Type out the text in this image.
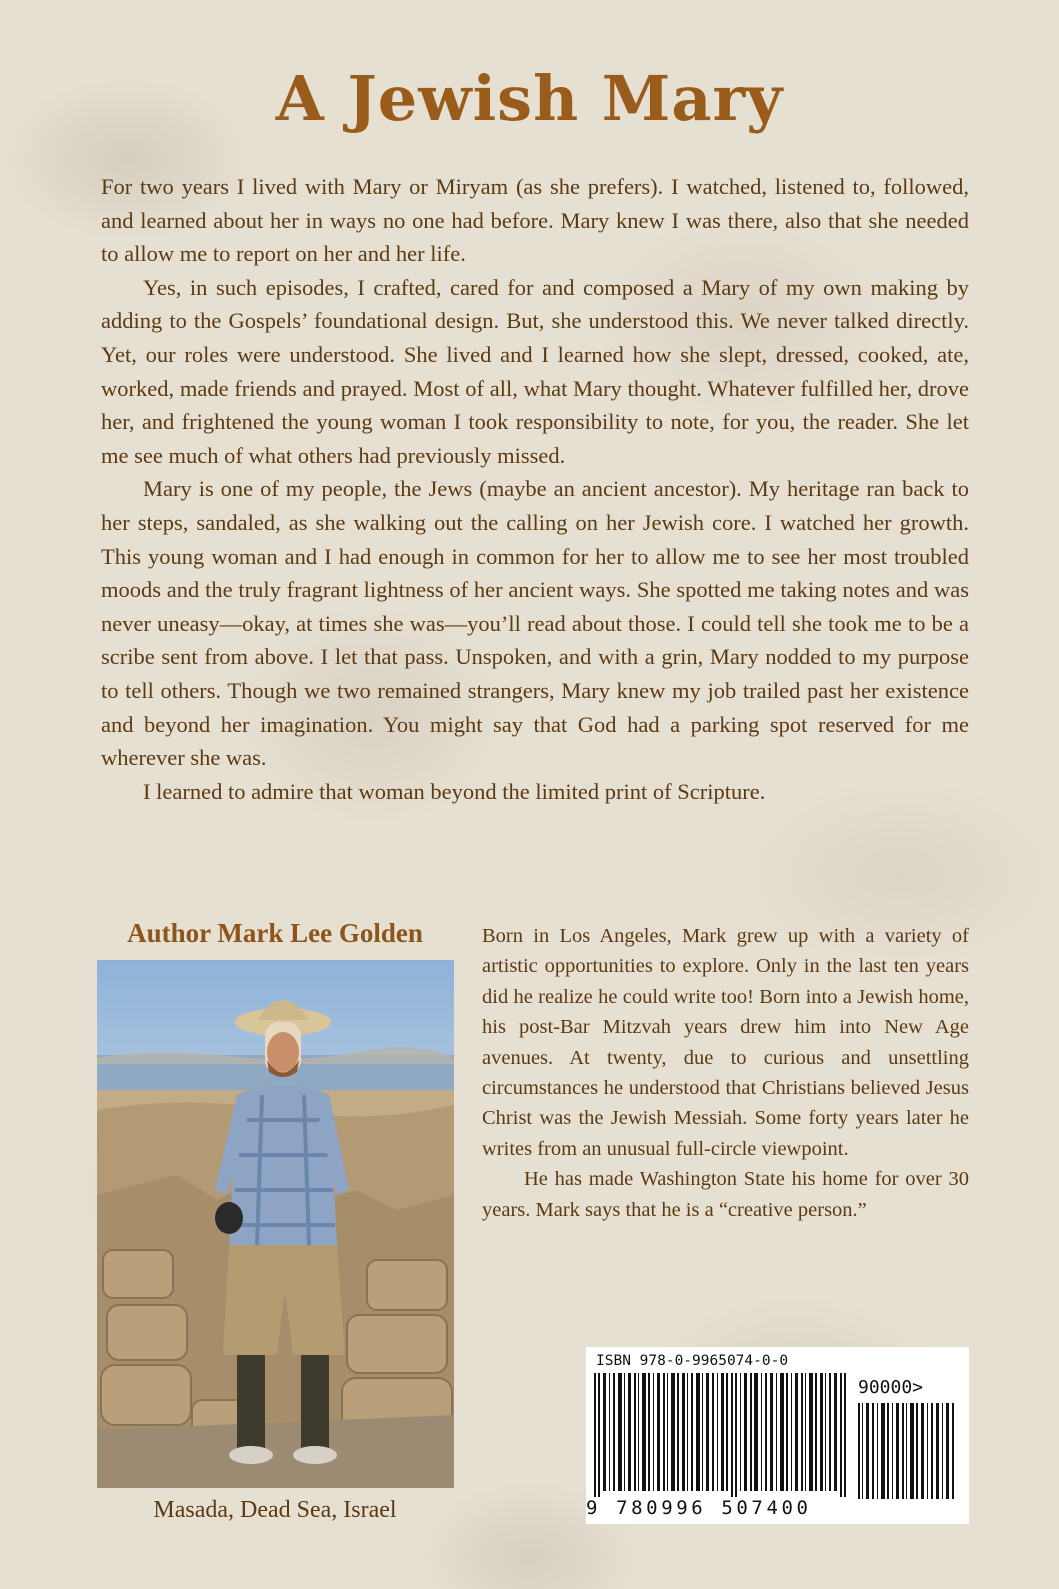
A Jewish Mary

For two years I lived with Mary or Miryam (as she prefers). I watched, listened to, followed, and learned about her in ways no one had before. Mary knew I was there, also that she needed to allow me to report on her and her life.

Yes, in such episodes, I crafted, cared for and composed a Mary of my own making by adding to the Gospels’ foundational design. But, she understood this. We never talked directly. Yet, our roles were understood. She lived and I learned how she slept, dressed, cooked, ate, worked, made friends and prayed. Most of all, what Mary thought. Whatever fulfilled her, drove her, and frightened the young woman I took responsibility to note, for you, the reader. She let me see much of what others had previously missed.

Mary is one of my people, the Jews (maybe an ancient ancestor). My heritage ran back to her steps, sandaled, as she walking out the calling on her Jewish core. I watched her growth. This young woman and I had enough in common for her to allow me to see her most troubled moods and the truly fragrant lightness of her ancient ways. She spotted me taking notes and was never uneasy—okay, at times she was—you’ll read about those. I could tell she took me to be a scribe sent from above. I let that pass. Unspoken, and with a grin, Mary nodded to my purpose to tell others. Though we two remained strangers, Mary knew my job trailed past her existence and beyond her imagination. You might say that God had a parking spot reserved for me wherever she was.

I learned to admire that woman beyond the limited print of Scripture.

Author Mark Lee Golden
Masada, Dead Sea, Israel

Born in Los Angeles, Mark grew up with a variety of artistic opportunities to explore. Only in the last ten years did he realize he could write too! Born into a Jewish home, his post-Bar Mitzvah years drew him into New Age avenues. At twenty, due to curious and unsettling circumstances he understood that Christians believed Jesus Christ was the Jewish Messiah. Some forty years later he writes from an unusual full-circle viewpoint.

He has made Washington State his home for over 30 years. Mark says that he is a “creative person.”

ISBN 978-0-9965074-0-0
90000>
9 780996 507400
